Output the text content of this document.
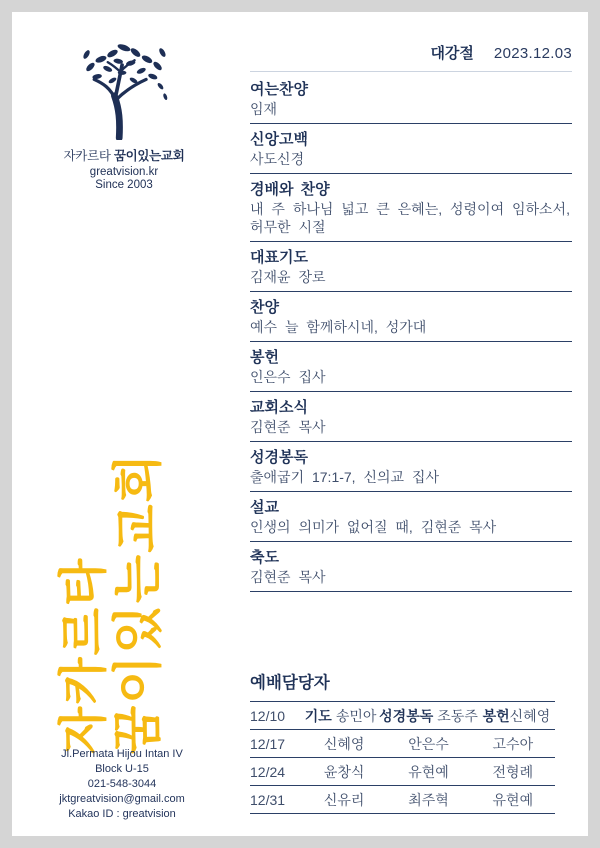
자카르타 꿈이있는교회
greatvision.kr
Since 2003
자카르타 꿈이있는교회
Jl.Permata Hijou Intan IV
Block U-15
021-548-3044
jktgreatvision@gmail.com
Kakao ID : greatvision
대강절 2023.12.03
여는찬양
임재
신앙고백
사도신경
경배와 찬양
내 주 하나님 넓고 큰 은혜는, 성령이여 임하소서, 허무한 시절
대표기도
김재윤 장로
찬양
예수 늘 함께하시네, 성가대
봉헌
인은수 집사
교회소식
김현준 목사
성경봉독
출애굽기 17:1-7, 신의교 집사
설교
인생의 의미가 없어질 때, 김현준 목사
축도
김현준 목사
예배담당자
12/10	기도 송민아 성경봉독 조동주 봉헌신혜영
12/17	신혜영	안은수	고수아
12/24	윤창식	유현예	전형례
12/31	신유리	최주혁	유현예
